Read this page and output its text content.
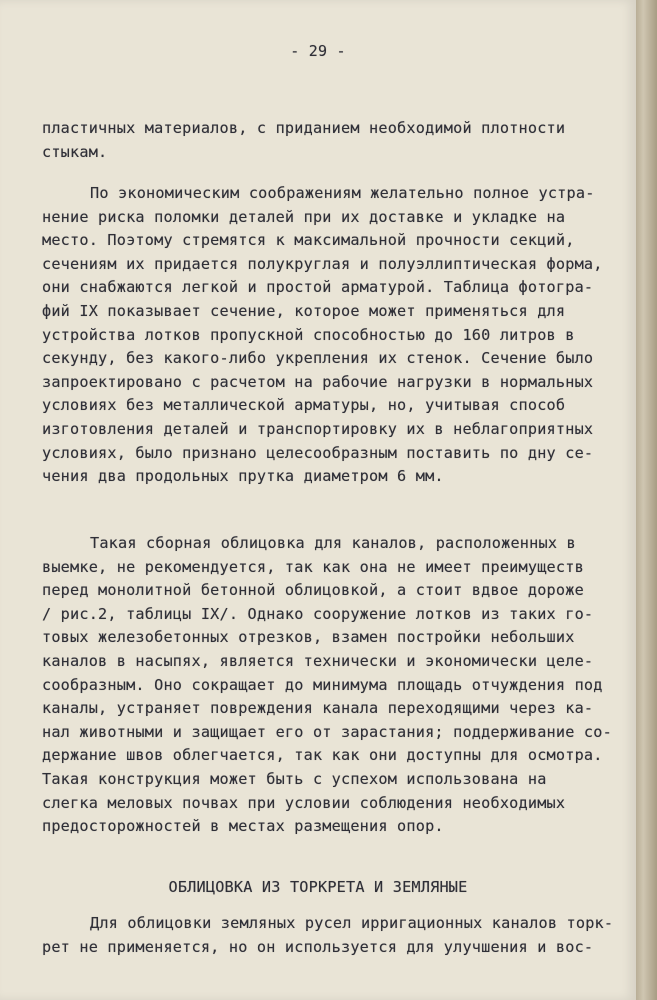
- 29 -
пластичных материалов, с приданием необходимой плотности
стыкам.
По экономическим соображениям желательно полное устра-
нение риска поломки деталей при их доставке и укладке на
место. Поэтому стремятся к максимальной прочности секций,
сечениям их придается полукруглая и полуэллиптическая форма,
они снабжаются легкой и простой арматурой. Таблица фотогра-
фий IX показывает сечение, которое может применяться для
устройства лотков пропускной способностью до 160 литров в
секунду, без какого-либо укрепления их стенок. Сечение было
запроектировано с расчетом на рабочие нагрузки в нормальных
условиях без металлической арматуры, но, учитывая способ
изготовления деталей и транспортировку их в неблагоприятных
условиях, было признано целесообразным поставить по дну се-
чения два продольных прутка диаметром 6 мм.
Такая сборная облицовка для каналов, расположенных в
выемке, не рекомендуется, так как она не имеет преимуществ
перед монолитной бетонной облицовкой, а стоит вдвое дороже
/ рис.2, таблицы IX/. Однако сооружение лотков из таких го-
товых железобетонных отрезков, взамен постройки небольших
каналов в насыпях, является технически и экономически целе-
сообразным. Оно сокращает до минимума площадь отчуждения под
каналы, устраняет повреждения канала переходящими через ка-
нал животными и защищает его от зарастания; поддерживание со-
держание швов облегчается, так как они доступны для осмотра.
Такая конструкция может быть с успехом использована на
слегка меловых почвах при условии соблюдения необходимых
предосторожностей в местах размещения опор.
ОБЛИЦОВКА ИЗ ТОРКРЕТА И ЗЕМЛЯНЫЕ
Для облицовки земляных русел ирригационных каналов торк-
рет не применяется, но он используется для улучшения и вос-
